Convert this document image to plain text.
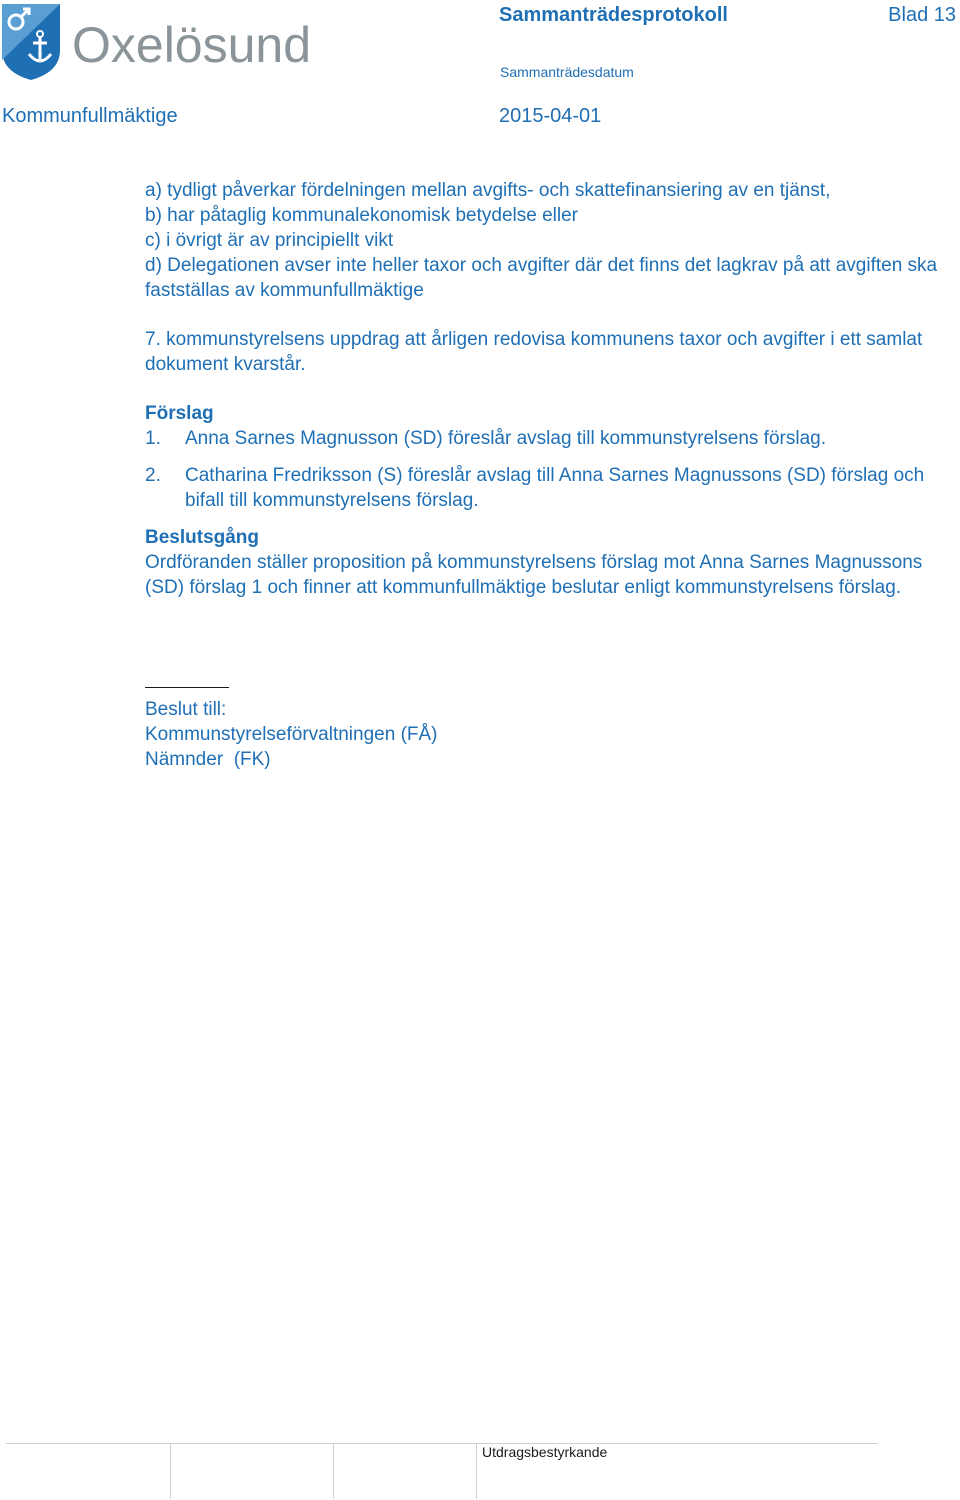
Oxelösund
Sammanträdesprotokoll	Blad 13
Sammanträdesdatum
Kommunfullmäktige	2015-04-01

a) tydligt påverkar fördelningen mellan avgifts- och skattefinansiering av en tjänst,

b) har påtaglig kommunalekonomisk betydelse eller

c) i övrigt är av principiellt vikt

d) Delegationen avser inte heller taxor och avgifter där det finns det lagkrav på att avgiften ska fastställas av kommunfullmäktige

7. kommunstyrelsens uppdrag att årligen redovisa kommunens taxor och avgifter i ett samlat dokument kvarstår.

Förslag

1.	Anna Sarnes Magnusson (SD) föreslår avslag till kommunstyrelsens förslag.
2.	Catharina Fredriksson (S) föreslår avslag till Anna Sarnes Magnussons (SD) förslag och bifall till kommunstyrelsens förslag.

Beslutsgång

Ordföranden ställer proposition på kommunstyrelsens förslag mot Anna Sarnes Magnussons (SD) förslag 1 och finner att kommunfullmäktige beslutar enligt kommunstyrelsens förslag.

Beslut till:

Kommunstyrelseförvaltningen (FÅ)

Nämnder  (FK)

Utdragsbestyrkande
